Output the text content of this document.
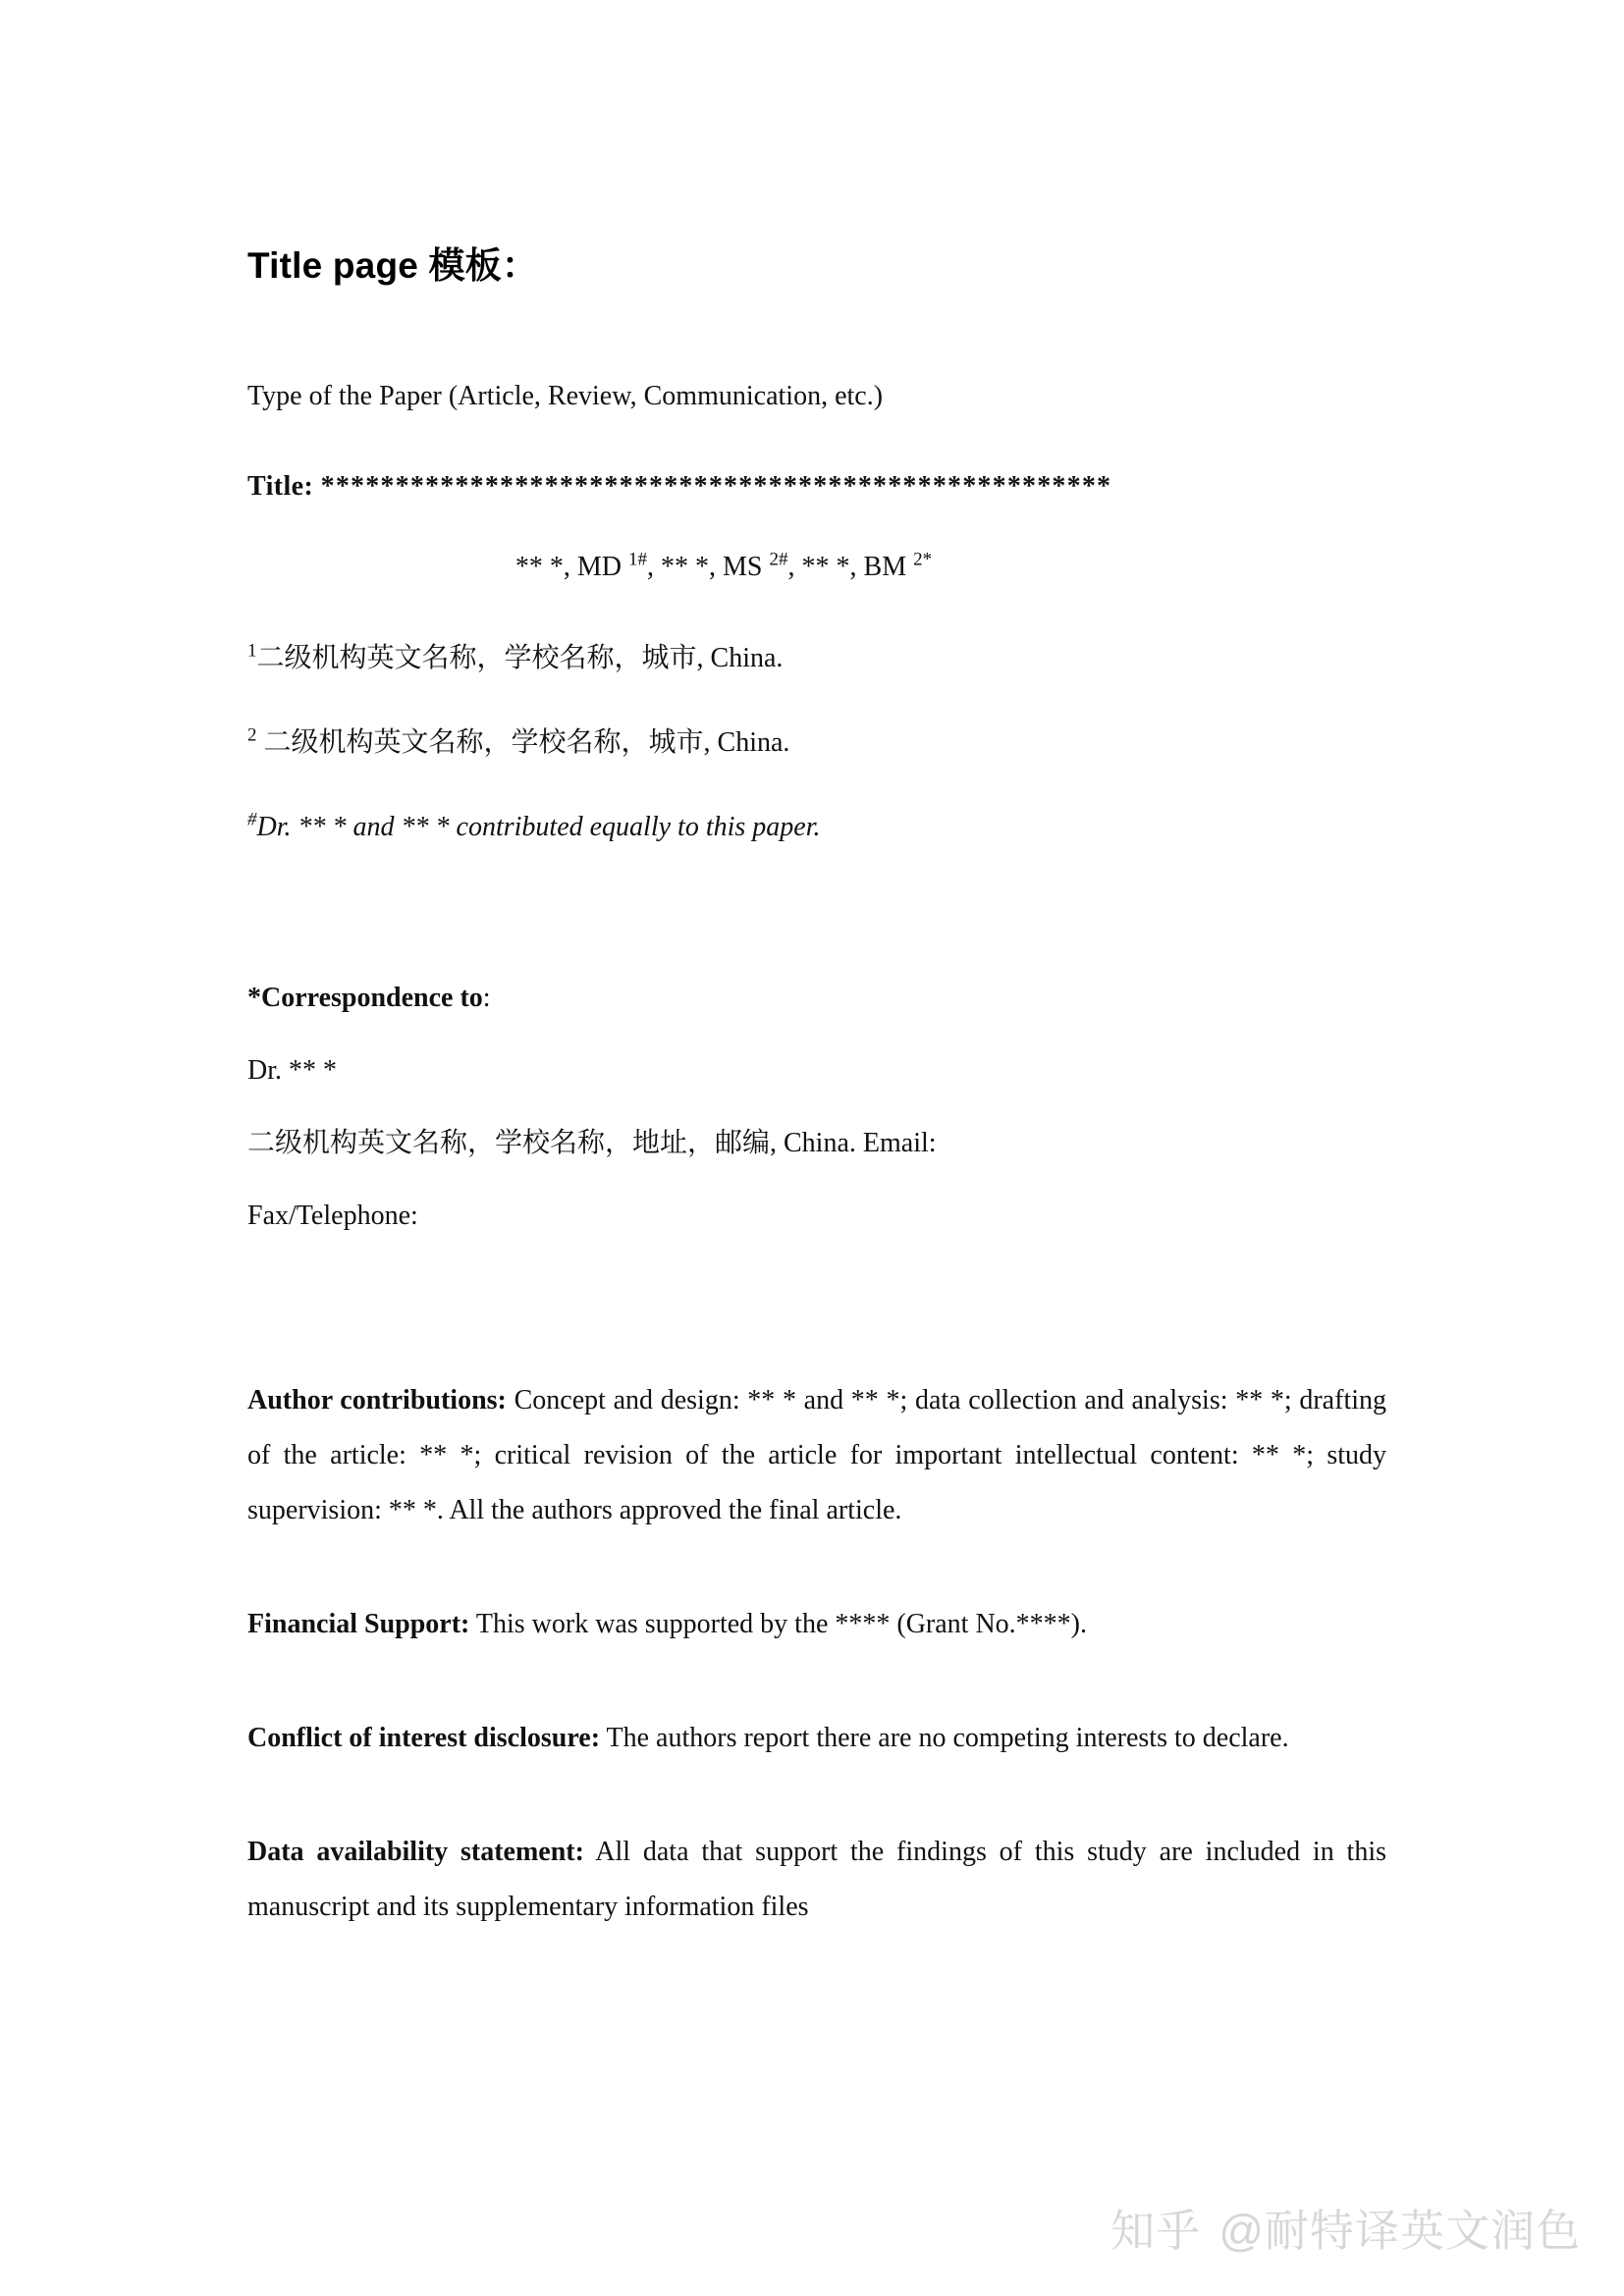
Title page 模板：

Type of the Paper (Article, Review, Communication, etc.)

Title: *****************************************************

** *, MD $^{1\#}$, ** *, MS $^{2\#}$, ** *, BM $^{2*}$

$^1$二级机构英文名称，学校名称，城市, China.

$^2$ 二级机构英文名称，学校名称，城市, China.

#Dr. ** * and ** * contributed equally to this paper.

*Correspondence to:

Dr. ** *

二级机构英文名称，学校名称，地址，邮编, China. Email:

Fax/Telephone:

Author contributions: Concept and design: ** * and ** *; data collection and analysis: ** *; drafting of the article: ** *; critical revision of the article for important intellectual content: ** *; study supervision: ** *. All the authors approved the final article.

Financial Support: This work was supported by the **** (Grant No.****).

Conflict of interest disclosure: The authors report there are no competing interests to declare.

Data availability statement: All data that support the findings of this study are included in this manuscript and its supplementary information files

知乎 @耐特译英文润色
